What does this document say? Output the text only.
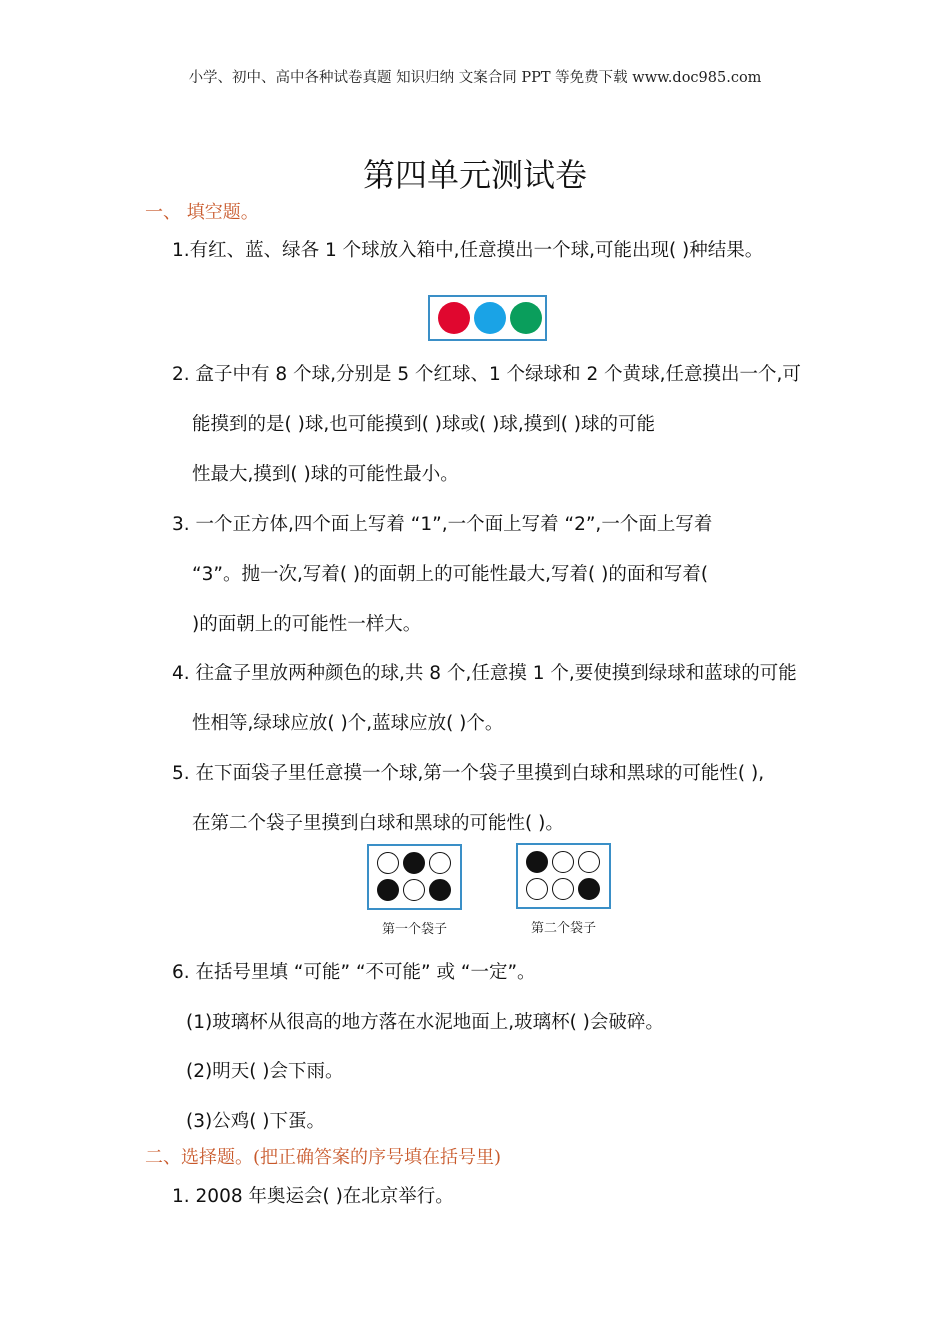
小学、初中、高中各种试卷真题 知识归纳 文案合同 PPT 等免费下载 www.doc985.com
第四单元测试卷
一、 填空题。
1.有红、蓝、绿各 1 个球放入箱中,任意摸出一个球,可能出现( )种结果。
2. 盒子中有 8 个球,分别是 5 个红球、1 个绿球和 2 个黄球,任意摸出一个,可
能摸到的是( )球,也可能摸到( )球或( )球,摸到( )球的可能
性最大,摸到( )球的可能性最小。
3. 一个正方体,四个面上写着 “1”,一个面上写着 “2”,一个面上写着
“3”。抛一次,写着( )的面朝上的可能性最大,写着( )的面和写着(
)的面朝上的可能性一样大。
4. 往盒子里放两种颜色的球,共 8 个,任意摸 1 个,要使摸到绿球和蓝球的可能
性相等,绿球应放( )个,蓝球应放( )个。
5. 在下面袋子里任意摸一个球,第一个袋子里摸到白球和黑球的可能性( ),
在第二个袋子里摸到白球和黑球的可能性( )。
第一个袋子	第二个袋子
6. 在括号里填 “可能” “不可能” 或 “一定”。
(1)玻璃杯从很高的地方落在水泥地面上,玻璃杯( )会破碎。
(2)明天( )会下雨。
(3)公鸡( )下蛋。
二、选择题。(把正确答案的序号填在括号里)
1. 2008 年奥运会( )在北京举行。
